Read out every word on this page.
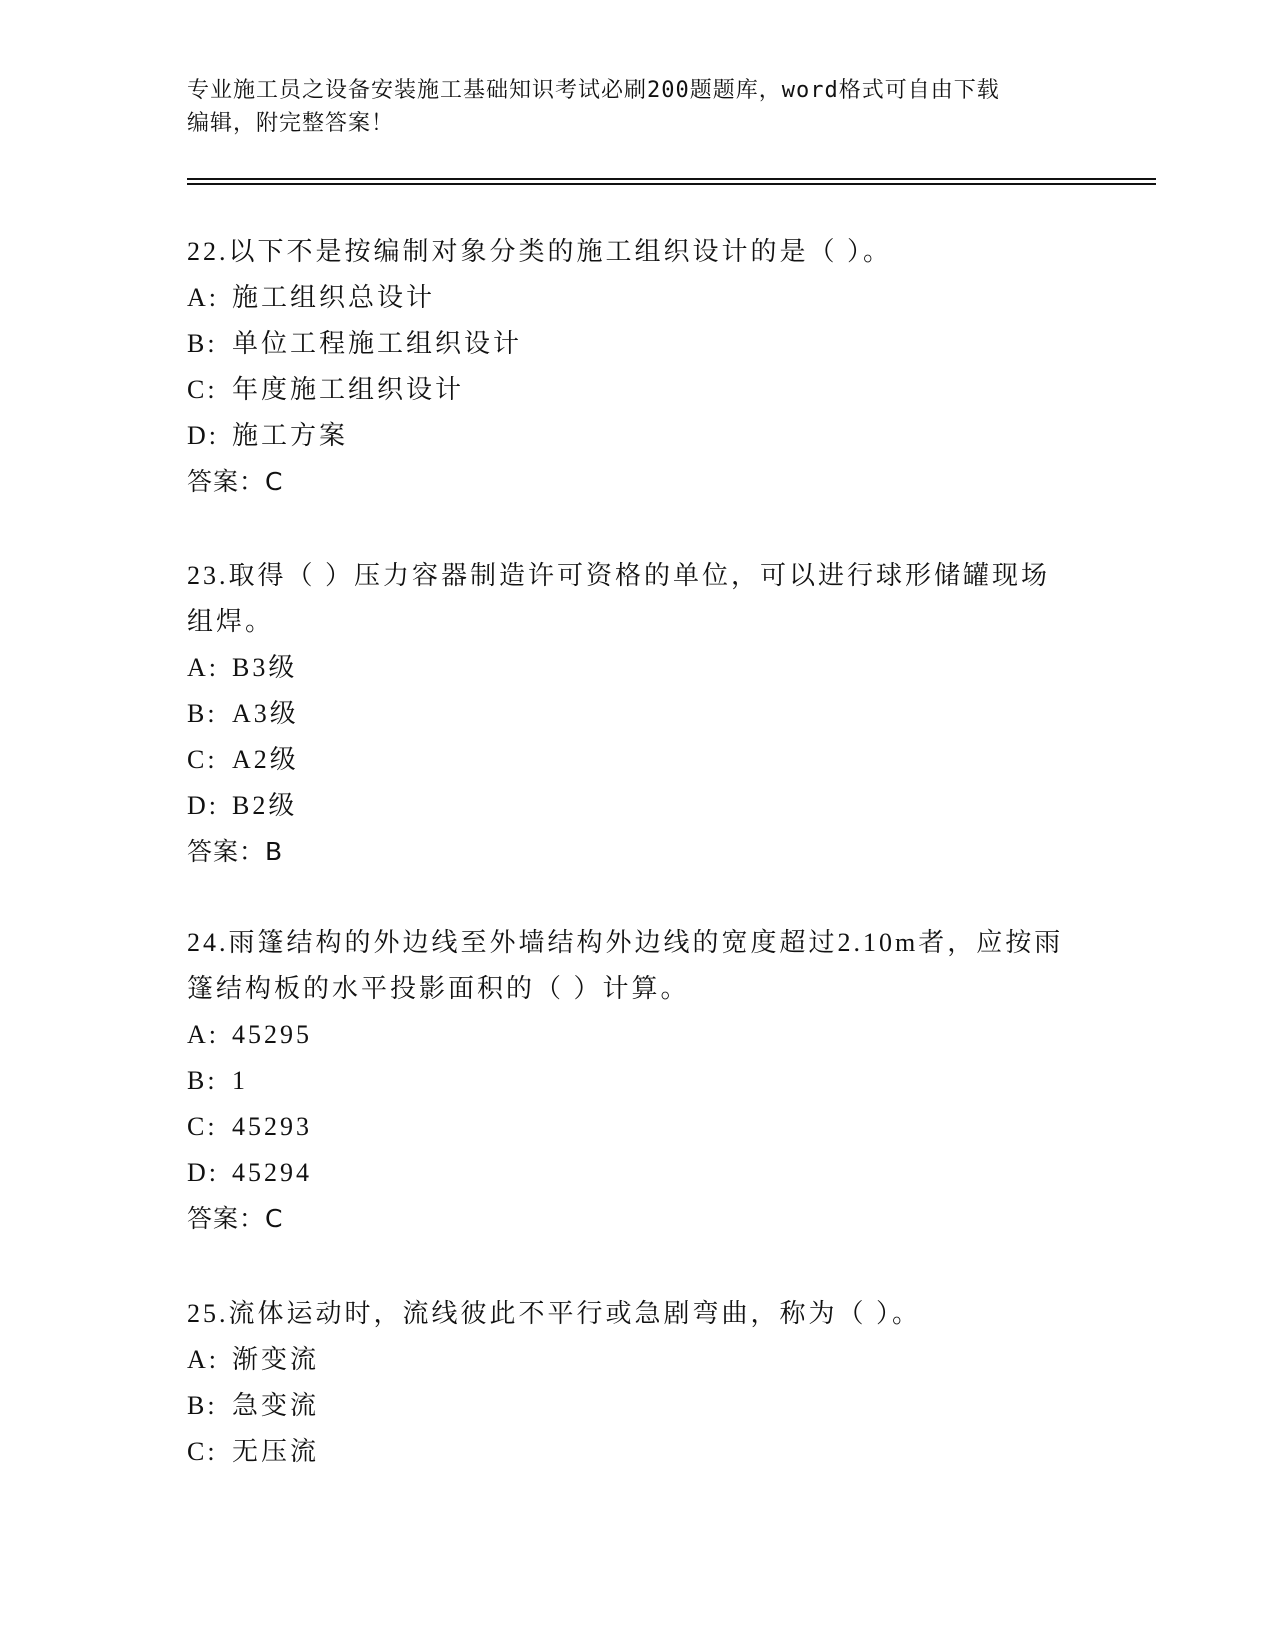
专业施工员之设备安装施工基础知识考试必刷200题题库，word格式可自由下载
编辑，附完整答案！

22.以下不是按编制对象分类的施工组织设计的是（ ）。

A: 施工组织总设计

B: 单位工程施工组织设计

C: 年度施工组织设计

D: 施工方案

答案：C

23.取得（ ）压力容器制造许可资格的单位，可以进行球形储罐现场

组焊。

A: B3级

B: A3级

C: A2级

D: B2级

答案：B

24.雨篷结构的外边线至外墙结构外边线的宽度超过2.10m者，应按雨

篷结构板的水平投影面积的（ ）计算。

A: 45295

B: 1

C: 45293

D: 45294

答案：C

25.流体运动时，流线彼此不平行或急剧弯曲，称为（ ）。

A: 渐变流

B: 急变流

C: 无压流
